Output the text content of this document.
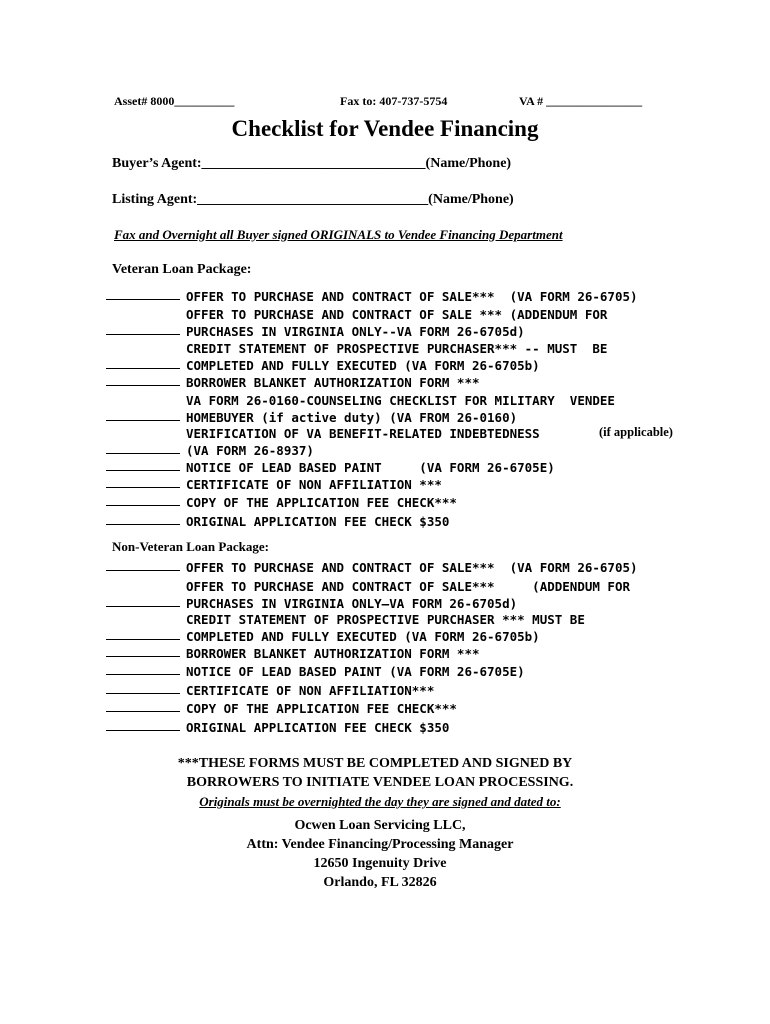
Asset# 8000__________	Fax to: 407-737-5754	VA # ________________
Checklist for Vendee Financing
Buyer’s Agent:________________________________(Name/Phone)
Listing Agent:_________________________________(Name/Phone)
Fax and Overnight all Buyer signed ORIGINALS to Vendee Financing Department
Veteran Loan Package:
OFFER TO PURCHASE AND CONTRACT OF SALE***  (VA FORM 26-6705)
OFFER TO PURCHASE AND CONTRACT OF SALE *** (ADDENDUM FOR
PURCHASES IN VIRGINIA ONLY--VA FORM 26-6705d)
CREDIT STATEMENT OF PROSPECTIVE PURCHASER*** -- MUST  BE
COMPLETED AND FULLY EXECUTED (VA FORM 26-6705b)
BORROWER BLANKET AUTHORIZATION FORM ***
VA FORM 26-0160-COUNSELING CHECKLIST FOR MILITARY  VENDEE
HOMEBUYER (if active duty) (VA FROM 26-0160)
VERIFICATION OF VA BENEFIT-RELATED INDEBTEDNESS
(VA FORM 26-8937)
(if applicable)
NOTICE OF LEAD BASED PAINT     (VA FORM 26-6705E)
CERTIFICATE OF NON AFFILIATION ***
COPY OF THE APPLICATION FEE CHECK***
ORIGINAL APPLICATION FEE CHECK $350
Non-Veteran Loan Package:
OFFER TO PURCHASE AND CONTRACT OF SALE***  (VA FORM 26-6705)
OFFER TO PURCHASE AND CONTRACT OF SALE***     (ADDENDUM FOR
PURCHASES IN VIRGINIA ONLY—VA FORM 26-6705d)
CREDIT STATEMENT OF PROSPECTIVE PURCHASER *** MUST BE
COMPLETED AND FULLY EXECUTED (VA FORM 26-6705b)
BORROWER BLANKET AUTHORIZATION FORM ***
NOTICE OF LEAD BASED PAINT (VA FORM 26-6705E)
CERTIFICATE OF NON AFFILIATION***
COPY OF THE APPLICATION FEE CHECK***
ORIGINAL APPLICATION FEE CHECK $350
***THESE FORMS MUST BE COMPLETED AND SIGNED BY
BORROWERS TO INITIATE VENDEE LOAN PROCESSING.
Originals must be overnighted the day they are signed and dated to:
Ocwen Loan Servicing LLC,
Attn: Vendee Financing/Processing Manager
12650 Ingenuity Drive
Orlando, FL 32826
